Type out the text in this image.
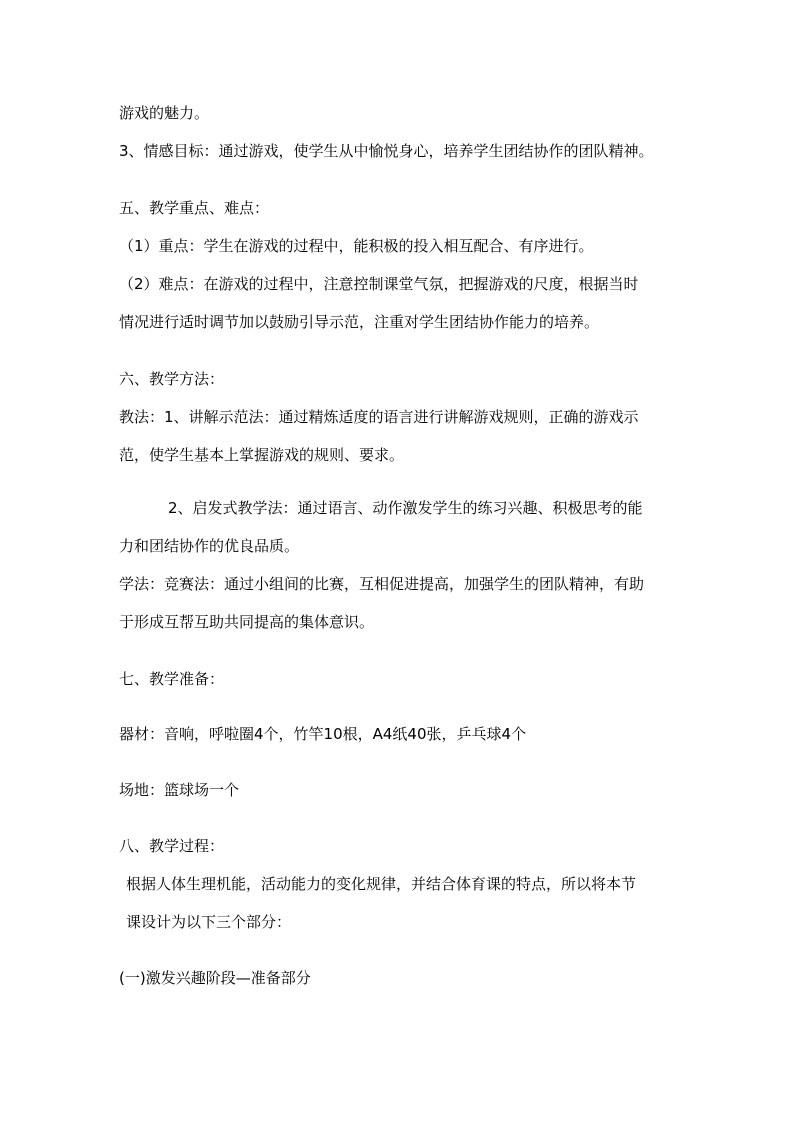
游戏的魅力。
3、情感目标：通过游戏，使学生从中愉悦身心，培养学生团结协作的团队精神。
五、教学重点、难点：
（1）重点：学生在游戏的过程中，能积极的投入相互配合、有序进行。
（2）难点：在游戏的过程中，注意控制课堂气氛，把握游戏的尺度，根据当时
情况进行适时调节加以鼓励引导示范，注重对学生团结协作能力的培养。
六、教学方法：
教法：1、讲解示范法：通过精炼适度的语言进行讲解游戏规则，正确的游戏示
范，使学生基本上掌握游戏的规则、要求。
2、启发式教学法：通过语言、动作激发学生的练习兴趣、积极思考的能
力和团结协作的优良品质。
学法：竞赛法：通过小组间的比赛，互相促进提高，加强学生的团队精神，有助
于形成互帮互助共同提高的集体意识。
七、教学准备：
器材：音响，呼啦圈4个，竹竿10根，A4纸40张，乒乓球4个
场地：篮球场一个
八、教学过程：
根据人体生理机能，活动能力的变化规律，并结合体育课的特点，所以将本节
课设计为以下三个部分：
(一)激发兴趣阶段—准备部分
